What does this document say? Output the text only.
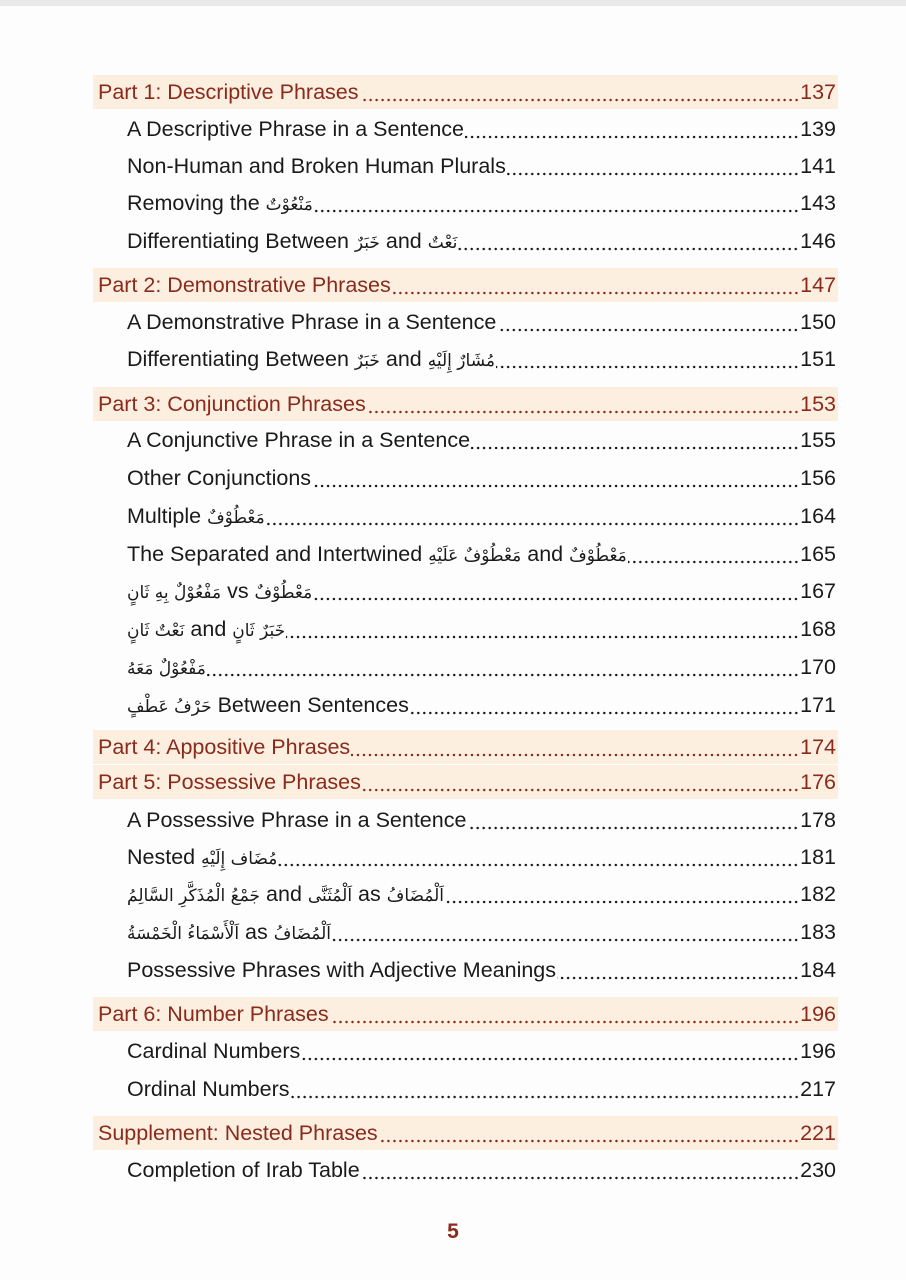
Part 1: Descriptive Phrases	137
A Descriptive Phrase in a Sentence	139
Non-Human and Broken Human Plurals	141
Removing the مَنْعُوْتٌ	143
Differentiating Between خَبَرٌ and نَعْتٌ	146
Part 2: Demonstrative Phrases	147
A Demonstrative Phrase in a Sentence	150
Differentiating Between خَبَرٌ and مُشَارٌ إِلَيْهِ	151
Part 3: Conjunction Phrases	153
A Conjunctive Phrase in a Sentence	155
Other Conjunctions	156
Multiple مَعْطُوْفٌ	164
The Separated and Intertwined مَعْطُوْفٌ عَلَيْهِ and مَعْطُوْفٌ	165
مَفْعُوْلٌ بِهِ ثَانٍ vs مَعْطُوْفٌ	167
نَعْتٌ ثَانٍ and خَبَرٌ ثَانٍ	168
مَفْعُوْلٌ مَعَهُ	170
حَرْفُ عَطْفٍ Between Sentences	171
Part 4: Appositive Phrases	174
Part 5: Possessive Phrases	176
A Possessive Phrase in a Sentence	178
Nested مُضَاف إِلَيْهِ	181
جَمْعُ الْمُذَكَّرِ السَّالِمُ and اَلْمُثَنَّى as اَلْمُضَافُ	182
اَلْأَسْمَاءُ الْخَمْسَةُ as اَلْمُضَافُ	183
Possessive Phrases with Adjective Meanings	184
Part 6: Number Phrases	196
Cardinal Numbers	196
Ordinal Numbers	217
Supplement: Nested Phrases	221
Completion of Irab Table	230
5
